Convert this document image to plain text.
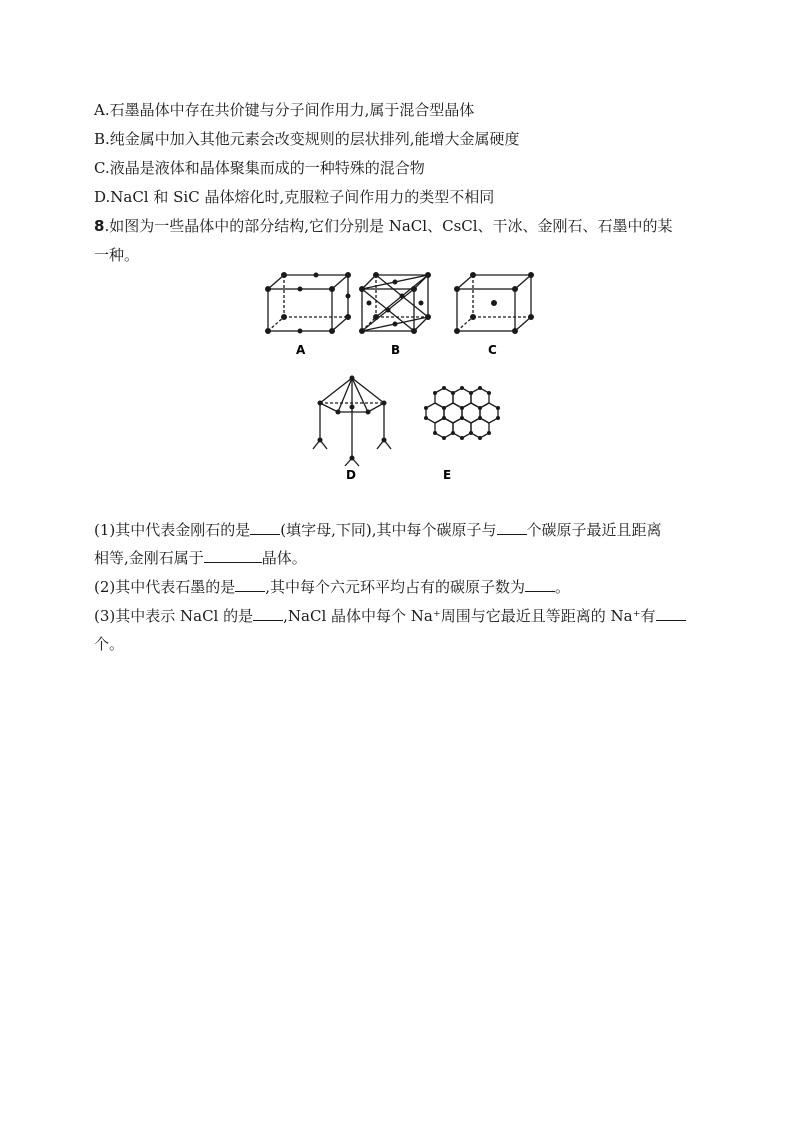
A.石墨晶体中存在共价键与分子间作用力,属于混合型晶体
B.纯金属中加入其他元素会改变规则的层状排列,能增大金属硬度
C.液晶是液体和晶体聚集而成的一种特殊的混合物
D.NaCl 和 SiC 晶体熔化时,克服粒子间作用力的类型不相同
8.如图为一些晶体中的部分结构,它们分别是 NaCl、CsCl、干冰、金刚石、石墨中的某
一种。
A	B	C
D	E
(1)其中代表金刚石的是 (填字母,下同),其中每个碳原子与 个碳原子最近且距离
相等,金刚石属于	晶体。
(2)其中代表石墨的是 ,其中每个六元环平均占有的碳原子数为 。
(3)其中表示 NaCl 的是 ,NaCl 晶体中每个 Na⁺周围与它最近且等距离的 Na⁺有
个。
